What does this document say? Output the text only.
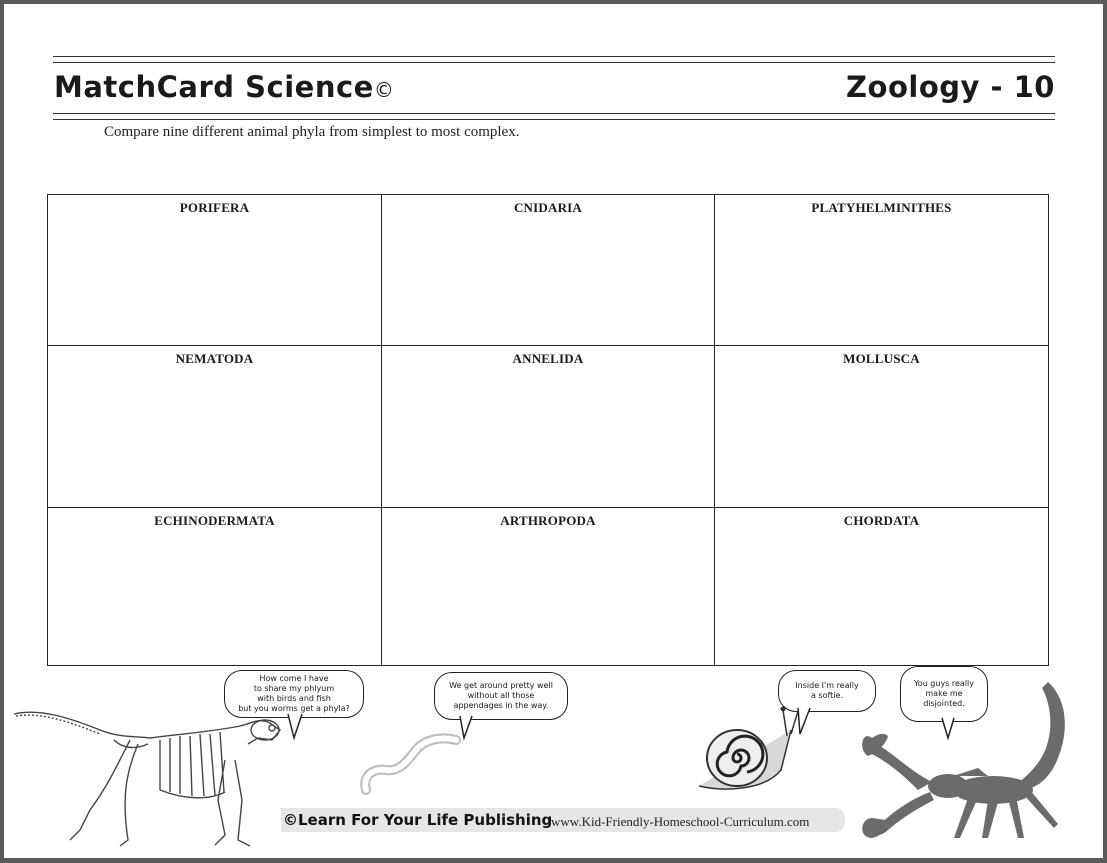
MatchCard Science©	Zoology - 10
Compare nine different animal phyla from simplest to most complex.
PORIFERA	CNIDARIA	PLATYHELMINITHES
NEMATODA	ANNELIDA	MOLLUSCA
ECHINODERMATA	ARTHROPODA	CHORDATA
How come I have
to share my phlyum
with birds and fish
but you worms get a phyla?
We get around pretty well
without all those
appendages in the way.
Inside I'm really
a softie.
You guys really
make me
disjointed.
©Learn For Your Life Publishing
www.Kid-Friendly-Homeschool-Curriculum.com
